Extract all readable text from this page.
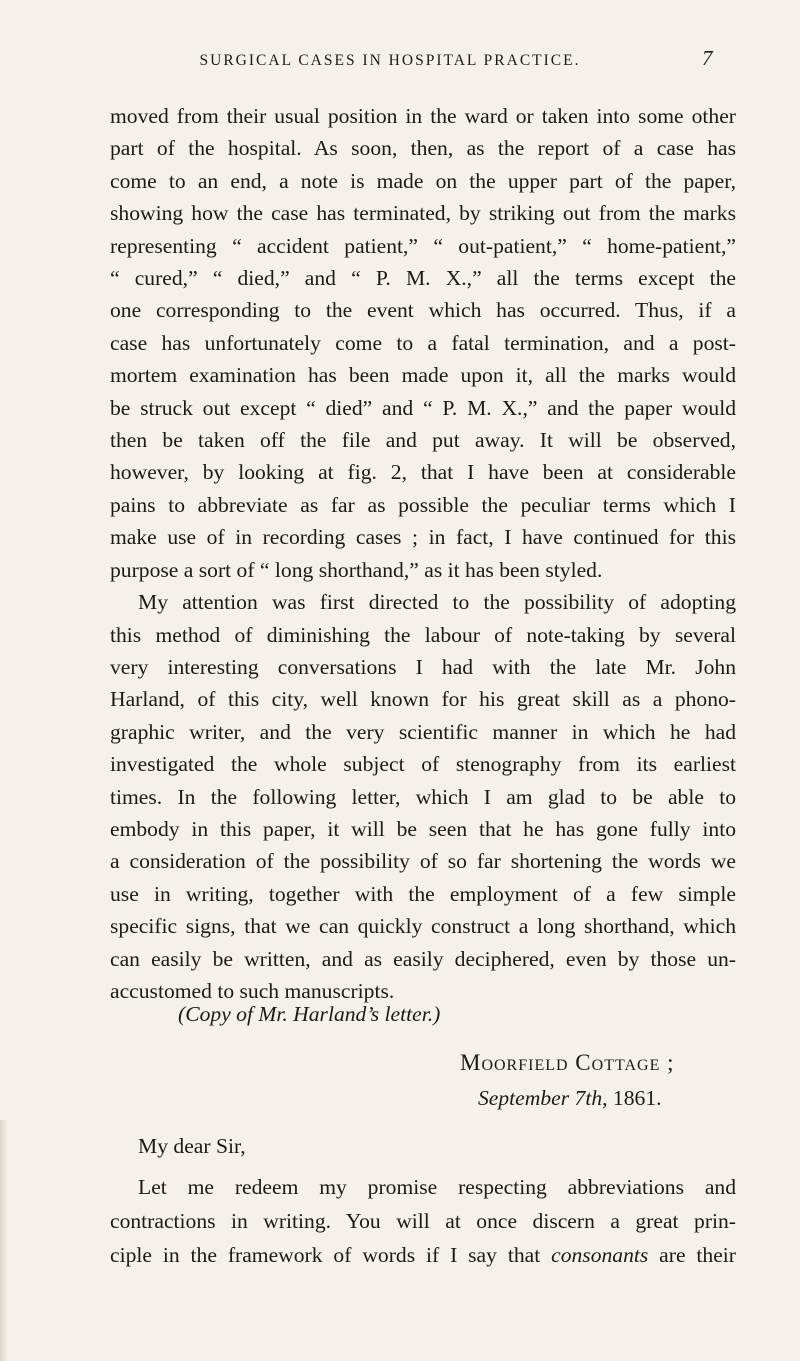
SURGICAL CASES IN HOSPITAL PRACTICE.	7
moved from their usual position in the ward or taken into some other
part of the hospital. As soon, then, as the report of a case has
come to an end, a note is made on the upper part of the paper,
showing how the case has terminated, by striking out from the marks
representing “ accident patient,” “ out-patient,” “ home-patient,”
“ cured,” “ died,” and “ P. M. X.,” all the terms except the
one corresponding to the event which has occurred. Thus, if a
case has unfortunately come to a fatal termination, and a post-
mortem examination has been made upon it, all the marks would
be struck out except “ died” and “ P. M. X.,” and the paper would
then be taken off the file and put away. It will be observed,
however, by looking at fig. 2, that I have been at considerable
pains to abbreviate as far as possible the peculiar terms which I
make use of in recording cases ; in fact, I have continued for this
purpose a sort of “ long shorthand,” as it has been styled.
My attention was first directed to the possibility of adopting
this method of diminishing the labour of note-taking by several
very interesting conversations I had with the late Mr. John
Harland, of this city, well known for his great skill as a phono-
graphic writer, and the very scientific manner in which he had
investigated the whole subject of stenography from its earliest
times. In the following letter, which I am glad to be able to
embody in this paper, it will be seen that he has gone fully into
a consideration of the possibility of so far shortening the words we
use in writing, together with the employment of a few simple
specific signs, that we can quickly construct a long shorthand, which
can easily be written, and as easily deciphered, even by those un-
accustomed to such manuscripts.
(Copy of Mr. Harland’s letter.)
Moorfield Cottage ;
September 7th, 1861.
My dear Sir,
Let me redeem my promise respecting abbreviations and
contractions in writing. You will at once discern a great prin-
ciple in the framework of words if I say that consonants are their
